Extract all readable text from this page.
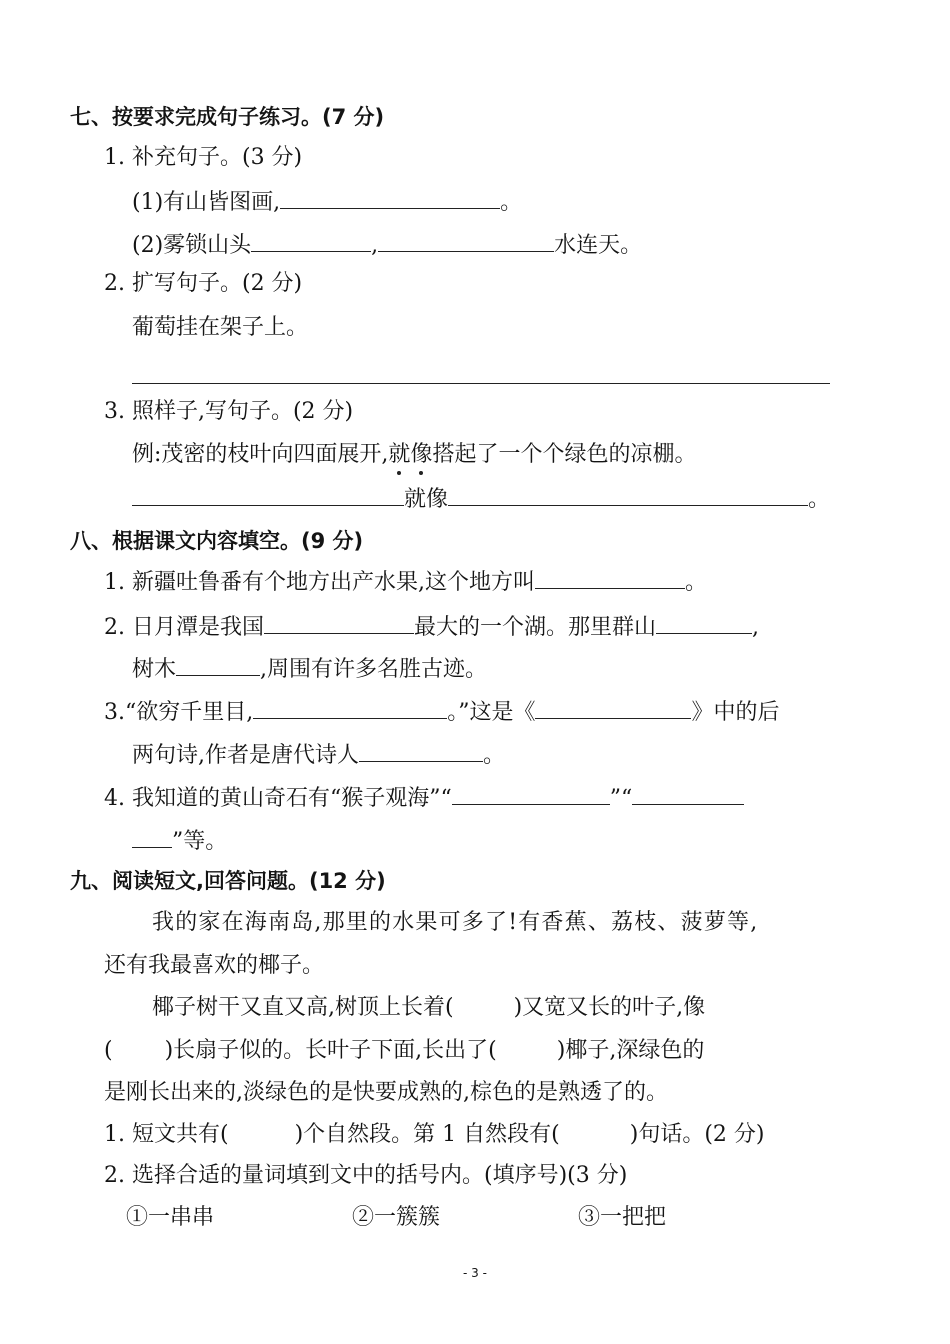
七、按要求完成句子练习。(7 分)
1. 补充句子。(3 分)
(1)有山皆图画,	。
(2)雾锁山头	,	水连天。
2. 扩写句子。(2 分)
葡萄挂在架子上。
3. 照样子,写句子。(2 分)
例:茂密的枝叶向四面展开,就像搭起了一个个绿色的凉棚。
就像	。
八、根据课文内容填空。(9 分)
1. 新疆吐鲁番有个地方出产水果,这个地方叫	。
2. 日月潭是我国	最大的一个湖。那里群山	,
树木	,周围有许多名胜古迹。
3.“欲穷千里目,	。”这是《	》中的后
两句诗,作者是唐代诗人	。
4. 我知道的黄山奇石有“猴子观海”“	”“
”等。
九、阅读短文,回答问题。(12 分)
我的家在海南岛,那里的水果可多了!有香蕉、荔枝、菠萝等,
还有我最喜欢的椰子。
椰子树干又直又高,树顶上长着(	)又宽又长的叶子,像
( )长扇子似的。长叶子下面,长出了(	)椰子,深绿色的
是刚长出来的,淡绿色的是快要成熟的,棕色的是熟透了的。
1. 短文共有(	)个自然段。第 1 自然段有(	)句话。(2 分)
2. 选择合适的量词填到文中的括号内。(填序号)(3 分)
①一串串	②一簇簇	③一把把
- 3 -
